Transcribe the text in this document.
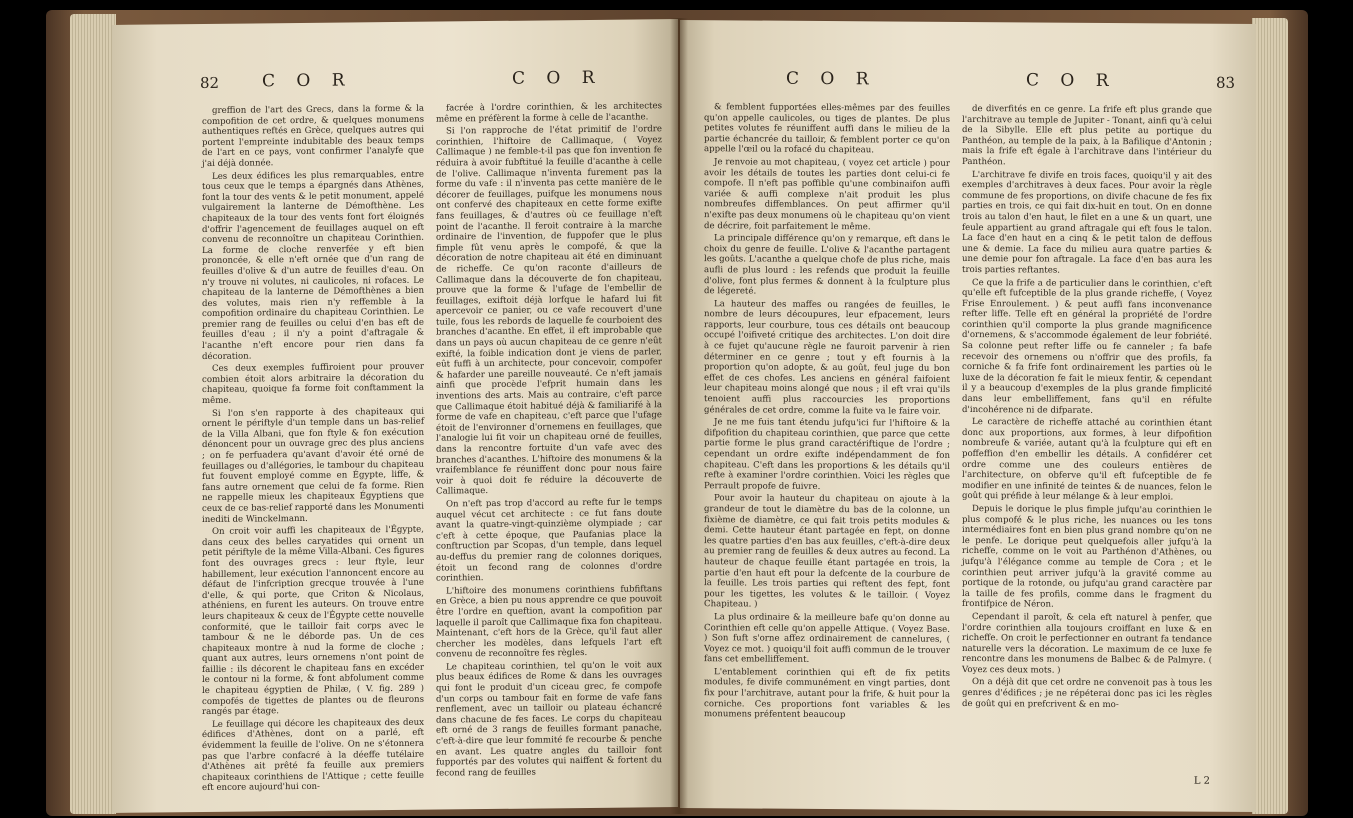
82	C O R	C O R

greffion de l'art des Grecs, dans la forme & la compofition de cet ordre, & quelques monumens authentiques reftés en Grèce, quelques autres qui portent l'empreinte indubitable des beaux temps de l'art en ce pays, vont confirmer l'analyfe que j'ai déjà donnée.

Les deux édifices les plus remarquables, entre tous ceux que le temps a épargnés dans Athènes, font la tour des vents & le petit monument, appelé vulgairement la lanterne de Démofthène. Les chapiteaux de la tour des vents font fort éloignés d'offrir l'agencement de feuillages auquel on eft convenu de reconnoître un chapiteau Corinthien. La forme de cloche renverfée y eft bien prononcée, & elle n'eft ornée que d'un rang de feuilles d'olive & d'un autre de feuilles d'eau. On n'y trouve ni volutes, ni caulicoles, ni rofaces. Le chapiteau de la lanterne de Démofthènes a bien des volutes, mais rien n'y reffemble à la compofition ordinaire du chapiteau Corinthien. Le premier rang de feuilles ou celui d'en bas eft de feuilles d'eau ; il n'y a point d'aftragale & l'acanthe n'eft encore pour rien dans fa décoration.

Ces deux exemples fuffiroient pour prouver combien étoit alors arbitraire la décoration du chapiteau, quoique fa forme foit conftamment la même.

Si l'on s'en rapporte à des chapiteaux qui ornent le périftyle d'un temple dans un bas-relief de la Villa Albani, que fon ftyle & fon exécution dénoncent pour un ouvrage grec des plus anciens ; on fe perfuadera qu'avant d'avoir été orné de feuillages ou d'allégories, le tambour du chapiteau fut fouvent employé comme en Égypte, liffe, & fans autre ornement que celui de fa forme. Rien ne rappelle mieux les chapiteaux Égyptiens que ceux de ce bas-relief rapporté dans les Monumenti inediti de Winckelmann.

On croit voir auffi les chapiteaux de l'Égypte, dans ceux des belles caryatides qui ornent un petit périftyle de la même Villa-Albani. Ces figures font des ouvrages grecs : leur ftyle, leur habillement, leur exécution l'annoncent encore au défaut de l'infcription grecque trouvée à l'une d'elle, & qui porte, que Criton & Nicolaus, athéniens, en furent les auteurs. On trouve entre leurs chapiteaux & ceux de l'Égypte cette nouvelle conformité, que le tailloir fait corps avec le tambour & ne le déborde pas. Un de ces chapiteaux montre à nud la forme de cloche ; quant aux autres, leurs ornemens n'ont point de faillie : ils décorent le chapiteau fans en excéder le contour ni la forme, & font abfolument comme le chapiteau égyptien de Philæ, ( V. fig. 289 ) compofés de tigettes de plantes ou de fleurons rangés par étage.

Le feuillage qui décore les chapiteaux des deux édifices d'Athènes, dont on a parlé, eft évidemment la feuille de l'olive. On ne s'étonnera pas que l'arbre confacré à la déeffe tutélaire d'Athènes ait prêté fa feuille aux premiers chapiteaux corinthiens de l'Attique ; cette feuille eft encore aujourd'hui con-

facrée à l'ordre corinthien, & les architectes même en préfèrent la forme à celle de l'acanthe.

Si l'on rapproche de l'état primitif de l'ordre corinthien, l'hiftoire de Callimaque, ( Voyez Callimaque ) ne femble-t-il pas que fon invention fe réduira à avoir fubftitué la feuille d'acanthe à celle de l'olive. Callimaque n'inventa furement pas la forme du vafe : il n'inventa pas cette manière de le décorer de feuillages, puifque les monumens nous ont confervé des chapiteaux en cette forme exifte fans feuillages, & d'autres où ce feuillage n'eft point de l'acanthe. Il feroit contraire à la marche ordinaire de l'invention, de fuppofer que le plus fimple fût venu après le compofé, & que la décoration de notre chapiteau ait été en diminuant de richeffe. Ce qu'on raconte d'ailleurs de Callimaque dans la découverte de fon chapiteau, prouve que la forme & l'ufage de l'embellir de feuillages, exiftoit déjà lorfque le hafard lui fit apercevoir ce panier, ou ce vafe recouvert d'une tuile, fous les rebords de laquelle fe courboient des branches d'acanthe. En effet, il eft improbable que dans un pays où aucun chapiteau de ce genre n'eût exifté, la foible indication dont je viens de parler, eût fuffi à un architecte, pour concevoir, compofer & hafarder une pareille nouveauté. Ce n'eft jamais ainfi que procède l'efprit humain dans les inventions des arts. Mais au contraire, c'eft parce que Callimaque étoit habitué déjà & familiarifé à la forme de vafe en chapiteau, c'eft parce que l'ufage étoit de l'environner d'ornemens en feuillages, que l'analogie lui fit voir un chapiteau orné de feuilles, dans la rencontre fortuite d'un vafe avec des branches d'acanthes. L'hiftoire des monumens & la vraifemblance fe réuniffent donc pour nous faire voir à quoi doit fe réduire la découverte de Callimaque.

On n'eft pas trop d'accord au refte fur le temps auquel vécut cet architecte : ce fut fans doute avant la quatre-vingt-quinzième olympiade ; car c'eft à cette époque, que Paufanias place la conftruction par Scopas, d'un temple, dans lequel au-deffus du premier rang de colonnes doriques, étoit un fecond rang de colonnes d'ordre corinthien.

L'hiftoire des monumens corinthiens fubfiftans en Grèce, a bien pu nous apprendre ce que pouvoit être l'ordre en queftion, avant la compofition par laquelle il paroît que Callimaque fixa fon chapiteau. Maintenant, c'eft hors de la Grèce, qu'il faut aller chercher les modèles, dans lefquels l'art eft convenu de reconnoître fes règles.

Le chapiteau corinthien, tel qu'on le voit aux plus beaux édifices de Rome & dans les ouvrages qui font le produit d'un ciceau grec, fe compofe d'un corps ou tambour fait en forme de vafe fans renflement, avec un tailloir ou plateau échancré dans chacune de fes faces. Le corps du chapiteau eft orné de 3 rangs de feuilles formant panache, c'eft-à-dire que leur fommité fe recourbe & penche en avant. Les quatre angles du tailloir font fupportés par des volutes qui naiffent & fortent du fecond rang de feuilles

C O R	C O R	83

& femblent fupportées elles-mêmes par des feuilles qu'on appelle caulicoles, ou tiges de plantes. De plus petites volutes fe réuniffent auffi dans le milieu de la partie échancrée du tailloir, & femblent porter ce qu'on appelle l'œil ou la rofacé du chapiteau.

Je renvoie au mot chapiteau, ( voyez cet article ) pour avoir les détails de toutes les parties dont celui-ci fe compofe. Il n'eft pas poffible qu'une combinaifon auffi variée & auffi complexe n'ait produit les plus nombreufes diffemblances. On peut affirmer qu'il n'exifte pas deux monumens où le chapiteau qu'on vient de décrire, foit parfaitement le même.

La principale différence qu'on y remarque, eft dans le choix du genre de feuille. L'olive & l'acanthe partagent les goûts. L'acanthe a quelque chofe de plus riche, mais aufli de plus lourd : les refends que produit la feuille d'olive, font plus fermes & donnent à la fculpture plus de légereté.

La hauteur des maffes ou rangées de feuilles, le nombre de leurs découpures, leur efpacement, leurs rapports, leur courbure, tous ces détails ont beaucoup occupé l'oifiveté critique des architectes. L'on doit dire à ce fujet qu'aucune règle ne fauroit parvenir à rien déterminer en ce genre ; tout y eft fournis à la proportion qu'on adopte, & au goût, feul juge du bon effet de ces chofes. Les anciens en général faifoient leur chapiteau moins alongé que nous ; il eft vrai qu'ils tenoient auffi plus raccourcies les proportions générales de cet ordre, comme la fuite va le faire voir.

Je ne me fuis tant étendu jufqu'ici fur l'hiftoire & la difpofition du chapiteau corinthien, que parce que cette partie forme le plus grand caractériftique de l'ordre ; cependant un ordre exifte indépendamment de fon chapiteau. C'eft dans les proportions & les détails qu'il refte à examiner l'ordre corinthien. Voici les règles que Perrault propofe de fuivre.

Pour avoir la hauteur du chapiteau on ajoute à la grandeur de tout le diamètre du bas de la colonne, un fixième de diamètre, ce qui fait trois petits modules & demi. Cette hauteur étant partagée en fept, on donne les quatre parties d'en bas aux feuilles, c'eft-à-dire deux au premier rang de feuilles & deux autres au fecond. La hauteur de chaque feuille étant partagée en trois, la partie d'en haut eft pour la defcente de la courbure de la feuille. Les trois parties qui reftent des fept, font pour les tigettes, les volutes & le tailloir. ( Voyez Chapiteau. )

La plus ordinaire & la meilleure bafe qu'on donne au Corinthien eft celle qu'on appelle Attique. ( Voyez Base. ) Son fuft s'orne affez ordinairement de cannelures, ( Voyez ce mot. ) quoiqu'il foit auffi commun de le trouver fans cet embelliffement.

L'entablement corinthien qui eft de fix petits modules, fe divife communément en vingt parties, dont fix pour l'architrave, autant pour la frife, & huit pour la corniche. Ces proportions font variables & les monumens préfentent beaucoup

de diverfités en ce genre. La frife eft plus grande que l'architrave au temple de Jupiter - Tonant, ainfi qu'à celui de la Sibylle. Elle eft plus petite au portique du Panthéon, au temple de la paix, à la Bafilique d'Antonin ; mais la frife eft égale à l'architrave dans l'intérieur du Panthéon.

L'architrave fe divife en trois faces, quoiqu'il y ait des exemples d'architraves à deux faces. Pour avoir la règle commune de fes proportions, on divife chacune de fes fix parties en trois, ce qui fait dix-huit en tout. On en donne trois au talon d'en haut, le filet en a une & un quart, une feule appartient au grand aftragale qui eft fous le talon. La face d'en haut en a cinq & le petit talon de deffous une & demie. La face du milieu aura quatre parties & une demie pour fon aftragale. La face d'en bas aura les trois parties reftantes.

Ce que la frife a de particulier dans le corinthien, c'eft qu'elle eft fufceptible de la plus grande richeffe, ( Voyez Frise Enroulement. ) & peut auffi fans inconvenance refter liffe. Telle eft en général la propriété de l'ordre corinthien qu'il comporte la plus grande magnificence d'ornemens, & s'accommode également de leur fobriété. Sa colonne peut refter liffe ou fe canneler ; fa bafe recevoir des ornemens ou n'offrir que des profils, fa corniche & fa frife font ordinairement les parties où le luxe de la décoration fe fait le mieux fentir, & cependant il y a beaucoup d'exemples de la plus grande fimplicité dans leur embelliffement, fans qu'il en réfulte d'incohérence ni de difparate.

Le caractère de richeffe attaché au corinthien étant donc aux proportions, aux formes, à leur difpofition nombreufe & variée, autant qu'à la fculpture qui eft en poffeffion d'en embellir les détails. A confidérer cet ordre comme une des couleurs entières de l'architecture, on obferve qu'il eft fufceptible de fe modifier en une infinité de teintes & de nuances, felon le goût qui préfide à leur mélange & à leur emploi.

Depuis le dorique le plus fimple jufqu'au corinthien le plus compofé & le plus riche, les nuances ou les tons intermédiaires font en bien plus grand nombre qu'on ne le penfe. Le dorique peut quelquefois aller jufqu'à la richeffe, comme on le voit au Parthénon d'Athènes, ou jufqu'à l'élégance comme au temple de Cora ; et le corinthien peut arriver jufqu'à la gravité comme au portique de la rotonde, ou jufqu'au grand caractère par la taille de fes profils, comme dans le fragment du frontifpice de Néron.

Cependant il paroît, & cela eft naturel à penfer, que l'ordre corinthien alla toujours croiffant en luxe & en richeffe. On croit le perfectionner en outrant fa tendance naturelle vers la décoration. Le maximum de ce luxe fe rencontre dans les monumens de Balbec & de Palmyre. ( Voyez ces deux mots. )

On a déjà dit que cet ordre ne convenoit pas à tous les genres d'édifices ; je ne répéterai donc pas ici les règles de goût qui en prefcrivent & en mo-

L 2
